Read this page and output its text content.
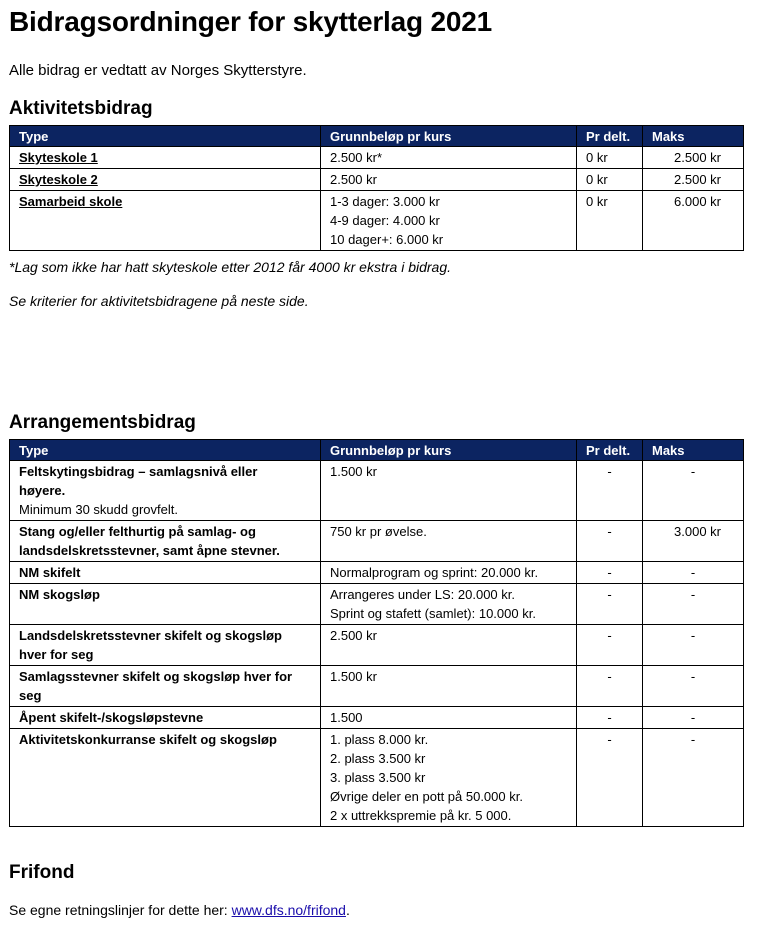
Bidragsordninger for skytterlag 2021
Alle bidrag er vedtatt av Norges Skytterstyre.
Aktivitetsbidrag
Type	Grunnbeløp pr kurs	Pr delt.	Maks
Skyteskole 1	2.500 kr*	0 kr	2.500 kr
Skyteskole 2	2.500 kr	0 kr	2.500 kr
Samarbeid skole	1-3 dager: 3.000 kr
4-9 dager: 4.000 kr
10 dager+: 6.000 kr	0 kr	6.000 kr
*Lag som ikke har hatt skyteskole etter 2012 får 4000 kr ekstra i bidrag.
Se kriterier for aktivitetsbidragene på neste side.
Arrangementsbidrag
Type	Grunnbeløp pr kurs	Pr delt.	Maks

Feltskytingsbidrag – samlagsnivå eller
høyere.
Minimum 30 skudd grovfelt.	1.500 kr	-	-

Stang og/eller felthurtig på samlag- og
landsdelskretsstevner, samt åpne stevner.	750 kr pr øvelse.	-	3.000 kr

NM skifelt	Normalprogram og sprint: 20.000 kr.	-	-

NM skogsløp	Arrangeres under LS: 20.000 kr.
Sprint og stafett (samlet): 10.000 kr.	-	-

Landsdelskretsstevner skifelt og skogsløp
hver for seg	2.500 kr	-	-

Samlagsstevner skifelt og skogsløp hver for
seg	1.500 kr	-	-

Åpent skifelt-/skogsløpstevne	1.500	-	-

Aktivitetskonkurranse skifelt og skogsløp	1. plass 8.000 kr.
2. plass 3.500 kr
3. plass 3.500 kr
Øvrige deler en pott på 50.000 kr.
2 x uttrekkspremie på kr. 5 000.	-	-
Frifond
Se egne retningslinjer for dette her: www.dfs.no/frifond.
